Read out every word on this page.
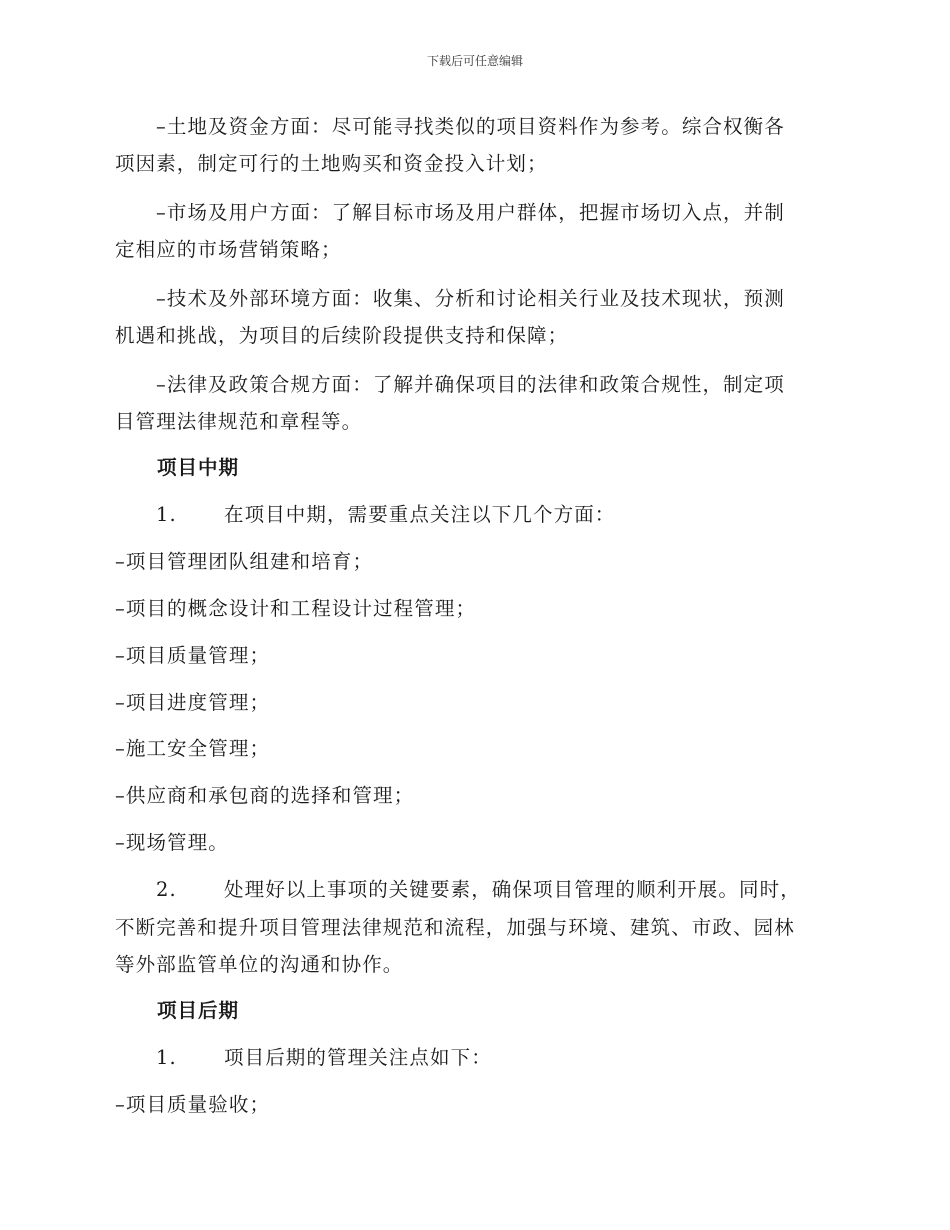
下载后可任意编辑
–土地及资金方面：尽可能寻找类似的项目资料作为参考。综合权衡各
项因素，制定可行的土地购买和资金投入计划；
–市场及用户方面：了解目标市场及用户群体，把握市场切入点，并制
定相应的市场营销策略；
–技术及外部环境方面：收集、分析和讨论相关行业及技术现状，预测
机遇和挑战，为项目的后续阶段提供支持和保障；
–法律及政策合规方面：了解并确保项目的法律和政策合规性，制定项
目管理法律规范和章程等。
项目中期
1. 在项目中期，需要重点关注以下几个方面：
–项目管理团队组建和培育；
–项目的概念设计和工程设计过程管理；
–项目质量管理；
–项目进度管理；
–施工安全管理；
–供应商和承包商的选择和管理；
–现场管理。
2. 处理好以上事项的关键要素，确保项目管理的顺利开展。同时，
不断完善和提升项目管理法律规范和流程，加强与环境、建筑、市政、园林
等外部监管单位的沟通和协作。
项目后期
1. 项目后期的管理关注点如下：
–项目质量验收；
